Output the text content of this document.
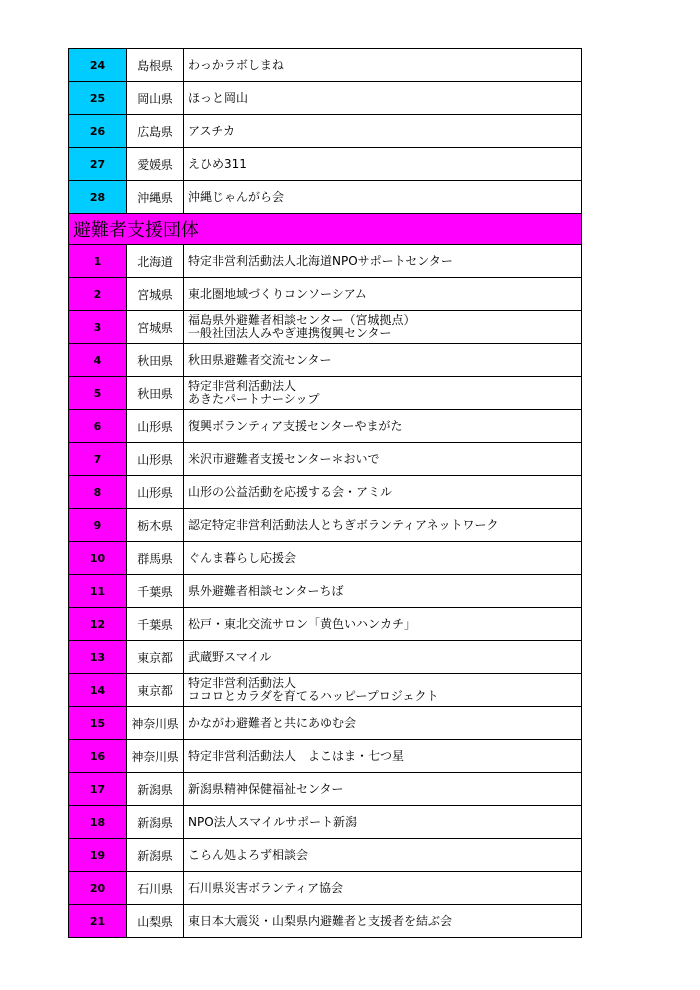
24	島根県	わっかラボしまね

25	岡山県	ほっと岡山

26	広島県	アスチカ

27	愛媛県	えひめ311

28	沖縄県	沖縄じゃんがら会

避難者支援団体		
1	北海道	特定非営利活動法人北海道NPOサポートセンター

2	宮城県	東北圏地域づくりコンソーシアム

3	宮城県	福島県外避難者相談センター（宮城拠点）
一般社団法人みやぎ連携復興センター

4	秋田県	秋田県避難者交流センター

5	秋田県	特定非営利活動法人
あきたパートナーシップ

6	山形県	復興ボランティア支援センターやまがた

7	山形県	米沢市避難者支援センター＊おいで

8	山形県	山形の公益活動を応援する会・アミル

9	栃木県	認定特定非営利活動法人とちぎボランティアネットワーク

10	群馬県	ぐんま暮らし応援会

11	千葉県	県外避難者相談センターちば

12	千葉県	松戸・東北交流サロン「黄色いハンカチ」

13	東京都	武蔵野スマイル

14	東京都	特定非営利活動法人
ココロとカラダを育てるハッピープロジェクト

15	神奈川県	かながわ避難者と共にあゆむ会

16	神奈川県	特定非営利活動法人　よこはま・七つ星

17	新潟県	新潟県精神保健福祉センター

18	新潟県	NPO法人スマイルサポート新潟

19	新潟県	こらん処よろず相談会

20	石川県	石川県災害ボランティア協会

21	山梨県	東日本大震災・山梨県内避難者と支援者を結ぶ会
